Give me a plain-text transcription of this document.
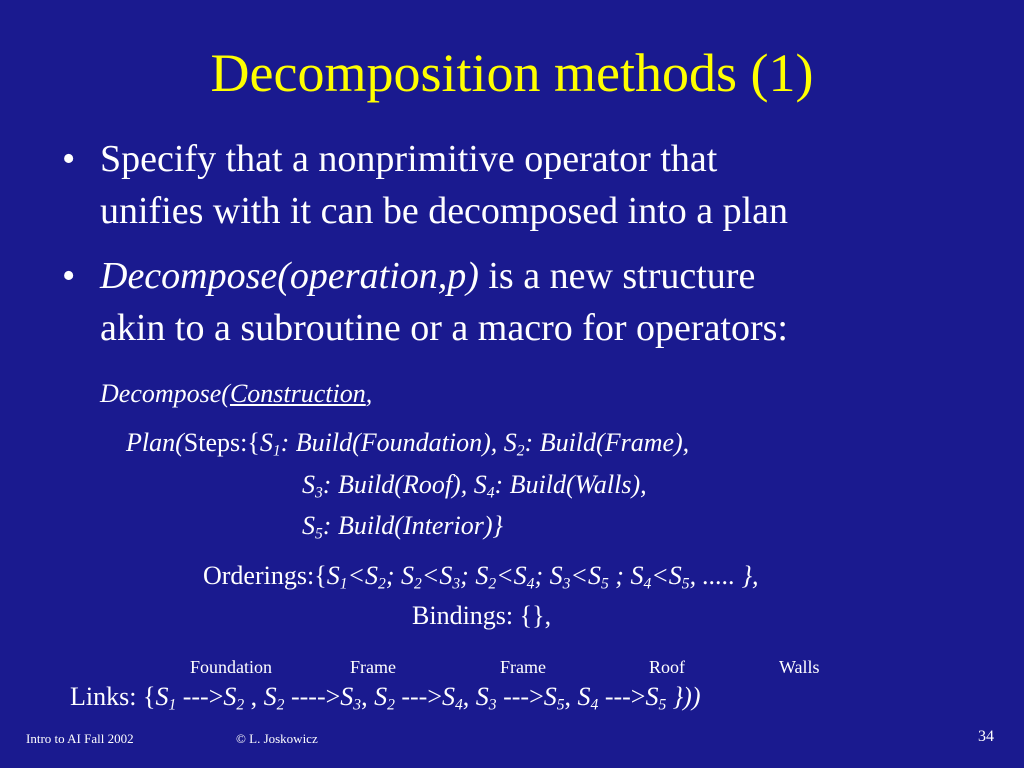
Decomposition methods (1)
• Specify that a nonprimitive operator that
unifies with it can be decomposed into a plan
• Decompose(operation,p) is a new structure
akin to a subroutine or a macro for operators:
Decompose(Construction,
$Plan(Steps:\{S_1$: Build(Foundation), $S_2$: Build(Frame),
$S_3$: Build(Roof), $S_4$: Build(Walls),
$S_5$: Build(Interior)}
$Orderings:\{S_1<S_2$; $S_2<S_3$; $S_2<S_4$; $S_3<S_5$ ; $S_4<S_5$, ..... },
Bindings: {},
Foundation	Frame	Frame	Roof	Walls
Links: {$S_1$ $--->S_2$ , $S_2$ $---->S_3$, $S_2$ $--->S_4$, $S_3$ $--->S_5$, $S_4$ $--->S_5$ }))
Intro to AI Fall 2002	© L. Joskowicz	34
